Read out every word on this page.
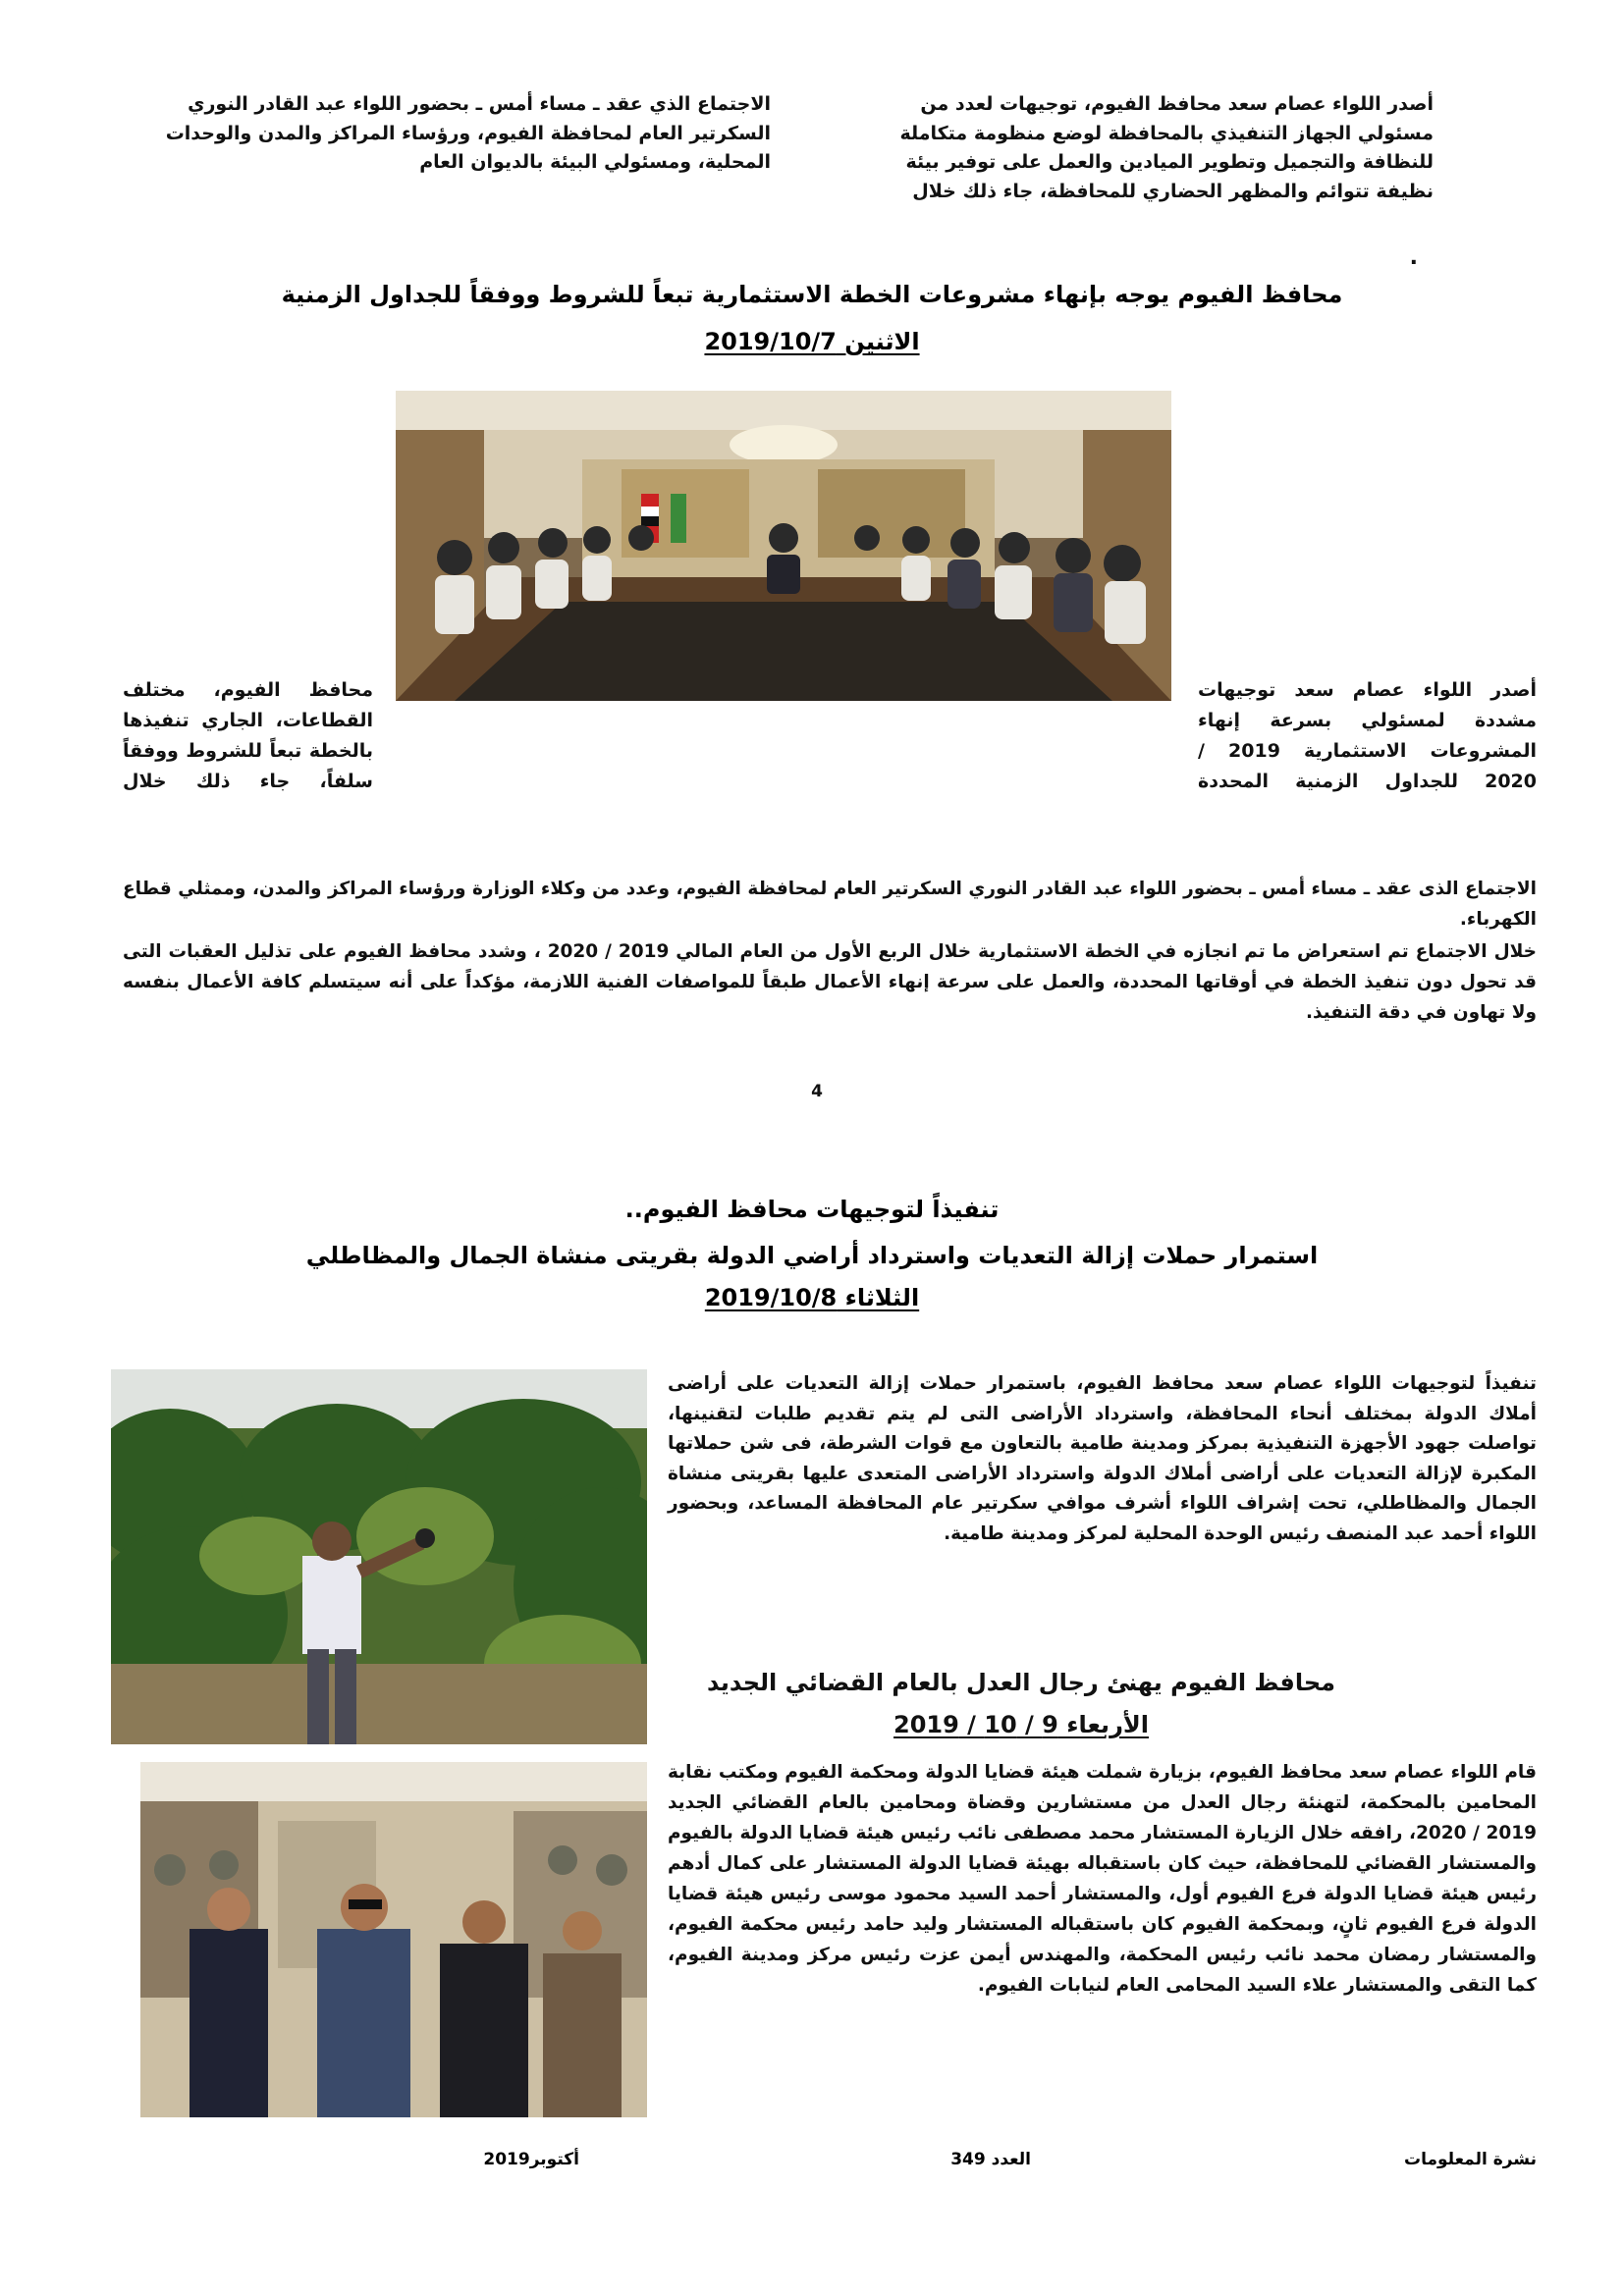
أصدر اللواء عصام سعد محافظ الفيوم، توجيهات لعدد من مسئولي الجهاز التنفيذي بالمحافظة لوضع منظومة متكاملة للنظافة والتجميل وتطوير الميادين والعمل على توفير بيئة نظيفة تتوائم والمظهر الحضاري للمحافظة، جاء ذلك خلال
الاجتماع الذي عقد ـ مساء أمس ـ بحضور اللواء عبد القادر النوري السكرتير العام لمحافظة الفيوم، ورؤساء المراكز والمدن والوحدات المحلية، ومسئولي البيئة بالديوان العام
.
محافظ الفيوم يوجه بإنهاء مشروعات الخطة الاستثمارية تبعاً للشروط ووفقاً للجداول الزمنية
الاثنين 2019/10/7
أصدر اللواء عصام سعد توجيهات مشددة لمسئولي بسرعة إنهاء المشروعات الاستثمارية 2019 / 2020 للجداول الزمنية المحددة
محافظ الفيوم، مختلف القطاعات، الجاري تنفيذها بالخطة تبعاً للشروط ووفقاً سلفاً، جاء ذلك خلال
الاجتماع الذى عقد ـ مساء أمس ـ بحضور اللواء عبد القادر النوري السكرتير العام لمحافظة الفيوم، وعدد من وكلاء الوزارة ورؤساء المراكز والمدن، وممثلي قطاع الكهرباء.
خلال الاجتماع تم استعراض ما تم انجازه في الخطة الاستثمارية خلال الربع الأول من العام المالي 2019 / 2020 ، وشدد محافظ الفيوم على تذليل العقبات التى قد تحول دون تنفيذ الخطة في أوقاتها المحددة، والعمل على سرعة إنهاء الأعمال طبقاً للمواصفات الفنية اللازمة، مؤكداً على أنه سيتسلم كافة الأعمال بنفسه ولا تهاون في دقة التنفيذ.
4
تنفيذاً لتوجيهات محافظ الفيوم..
استمرار حملات إزالة التعديات واسترداد أراضي الدولة بقريتى منشاة الجمال والمظاطلي
الثلاثاء 2019/10/8
تنفيذاً لتوجيهات اللواء عصام سعد محافظ الفيوم، باستمرار حملات إزالة التعديات على أراضى أملاك الدولة بمختلف أنحاء المحافظة، واسترداد الأراضى التى لم يتم تقديم طلبات لتقنينها، تواصلت جهود الأجهزة التنفيذية بمركز ومدينة طامية بالتعاون مع قوات الشرطة، فى شن حملاتها المكبرة لإزالة التعديات على أراضى أملاك الدولة واسترداد الأراضى المتعدى عليها بقريتى منشاة الجمال والمظاطلي، تحت إشراف اللواء أشرف موافي سكرتير عام المحافظة المساعد، وبحضور اللواء أحمد عبد المنصف رئيس الوحدة المحلية لمركز ومدينة طامية.
محافظ الفيوم يهنئ رجال العدل بالعام القضائي الجديد
الأربعاء 9 / 10 / 2019
قام اللواء عصام سعد محافظ الفيوم، بزيارة شملت هيئة قضايا الدولة ومحكمة الفيوم ومكتب نقابة المحامين بالمحكمة، لتهنئة رجال العدل من مستشارين وقضاة ومحامين بالعام القضائي الجديد 2019 / 2020، رافقه خلال الزيارة المستشار محمد مصطفى نائب رئيس هيئة قضايا الدولة بالفيوم والمستشار القضائي للمحافظة، حيث كان باستقباله بهيئة قضايا الدولة المستشار على كمال أدهم رئيس هيئة قضايا الدولة فرع الفيوم أول، والمستشار أحمد السيد محمود موسى رئيس هيئة قضايا الدولة فرع الفيوم ثانٍ، وبمحكمة الفيوم كان باستقباله المستشار وليد حامد رئيس محكمة الفيوم، والمستشار رمضان محمد نائب رئيس المحكمة، والمهندس أيمن عزت رئيس مركز ومدينة الفيوم، كما التقى والمستشار علاء السيد المحامى العام لنيابات الفيوم.
نشرة المعلومات
العدد 349
أكتوبر2019
